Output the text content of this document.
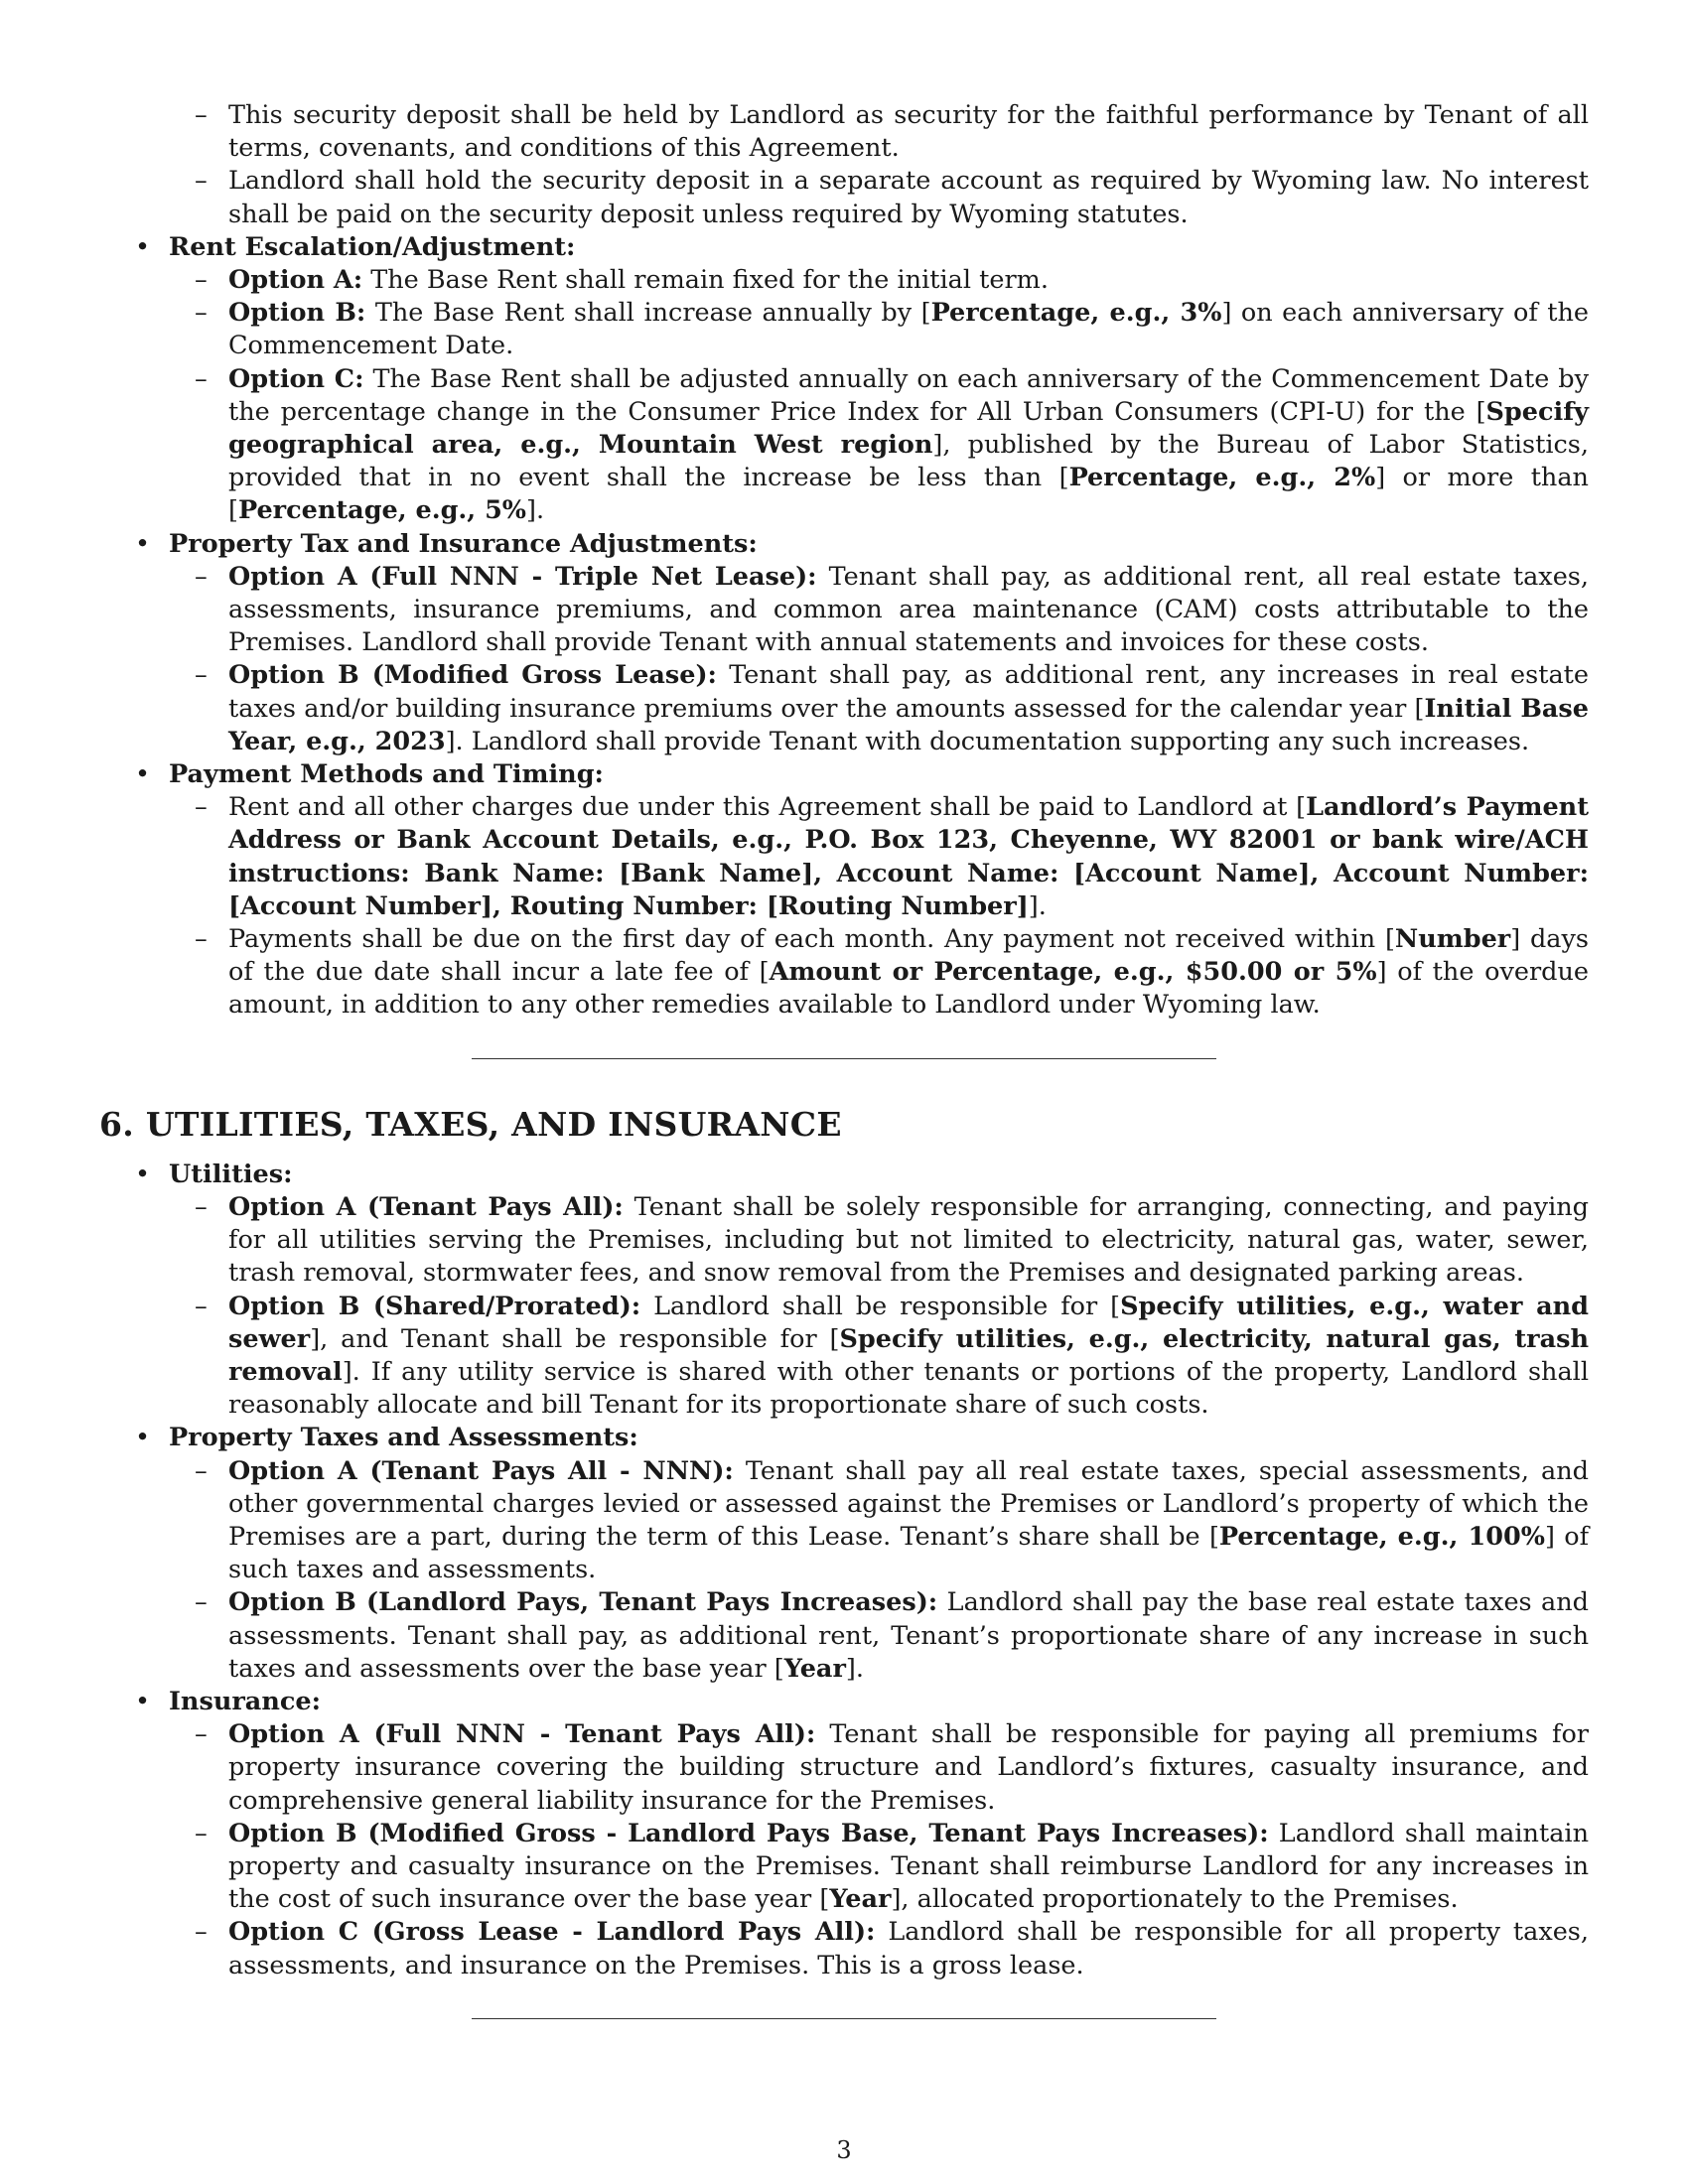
– This security deposit shall be held by Landlord as security for the faithful performance by Tenant of all terms, covenants, and conditions of this Agreement.
– Landlord shall hold the security deposit in a separate account as required by Wyoming law. No interest shall be paid on the security deposit unless required by Wyoming statutes.
• Rent Escalation/Adjustment:
– Option A: The Base Rent shall remain fixed for the initial term.
– Option B: The Base Rent shall increase annually by [Percentage, e.g., 3%] on each anniversary of the Commencement Date.
– Option C: The Base Rent shall be adjusted annually on each anniversary of the Commencement Date by the percentage change in the Consumer Price Index for All Urban Consumers (CPI-U) for the [Specify geographical area, e.g., Mountain West region], published by the Bureau of Labor Statistics, provided that in no event shall the increase be less than [Percentage, e.g., 2%] or more than [Percentage, e.g., 5%].
• Property Tax and Insurance Adjustments:
– Option A (Full NNN - Triple Net Lease): Tenant shall pay, as additional rent, all real estate taxes, assessments, insurance premiums, and common area maintenance (CAM) costs attributable to the Premises. Landlord shall provide Tenant with annual statements and invoices for these costs.
– Option B (Modified Gross Lease): Tenant shall pay, as additional rent, any increases in real estate taxes and/or building insurance premiums over the amounts assessed for the calendar year [Initial Base Year, e.g., 2023]. Landlord shall provide Tenant with documentation supporting any such increases.
• Payment Methods and Timing:
– Rent and all other charges due under this Agreement shall be paid to Landlord at [Landlord’s Payment Address or Bank Account Details, e.g., P.O. Box 123, Cheyenne, WY 82001 or bank wire/ACH instructions: Bank Name: [Bank Name], Account Name: [Account Name], Account Number: [Account Number], Routing Number: [Routing Number]].
– Payments shall be due on the first day of each month. Any payment not received within [Number] days of the due date shall incur a late fee of [Amount or Percentage, e.g., $50.00 or 5%] of the overdue amount, in addition to any other remedies available to Landlord under Wyoming law.
6. UTILITIES, TAXES, AND INSURANCE
• Utilities:
– Option A (Tenant Pays All): Tenant shall be solely responsible for arranging, connecting, and paying for all utilities serving the Premises, including but not limited to electricity, natural gas, water, sewer, trash removal, stormwater fees, and snow removal from the Premises and designated parking areas.
– Option B (Shared/Prorated): Landlord shall be responsible for [Specify utilities, e.g., water and sewer], and Tenant shall be responsible for [Specify utilities, e.g., electricity, natural gas, trash removal]. If any utility service is shared with other tenants or portions of the property, Landlord shall reasonably allocate and bill Tenant for its proportionate share of such costs.
• Property Taxes and Assessments:
– Option A (Tenant Pays All - NNN): Tenant shall pay all real estate taxes, special assessments, and other governmental charges levied or assessed against the Premises or Landlord’s property of which the Premises are a part, during the term of this Lease. Tenant’s share shall be [Percentage, e.g., 100%] of such taxes and assessments.
– Option B (Landlord Pays, Tenant Pays Increases): Landlord shall pay the base real estate taxes and assessments. Tenant shall pay, as additional rent, Tenant’s proportionate share of any increase in such taxes and assessments over the base year [Year].
• Insurance:
– Option A (Full NNN - Tenant Pays All): Tenant shall be responsible for paying all premiums for property insurance covering the building structure and Landlord’s fixtures, casualty insurance, and comprehensive general liability insurance for the Premises.
– Option B (Modified Gross - Landlord Pays Base, Tenant Pays Increases): Landlord shall maintain property and casualty insurance on the Premises. Tenant shall reimburse Landlord for any increases in the cost of such insurance over the base year [Year], allocated proportionately to the Premises.
– Option C (Gross Lease - Landlord Pays All): Landlord shall be responsible for all property taxes, assessments, and insurance on the Premises. This is a gross lease.
3
